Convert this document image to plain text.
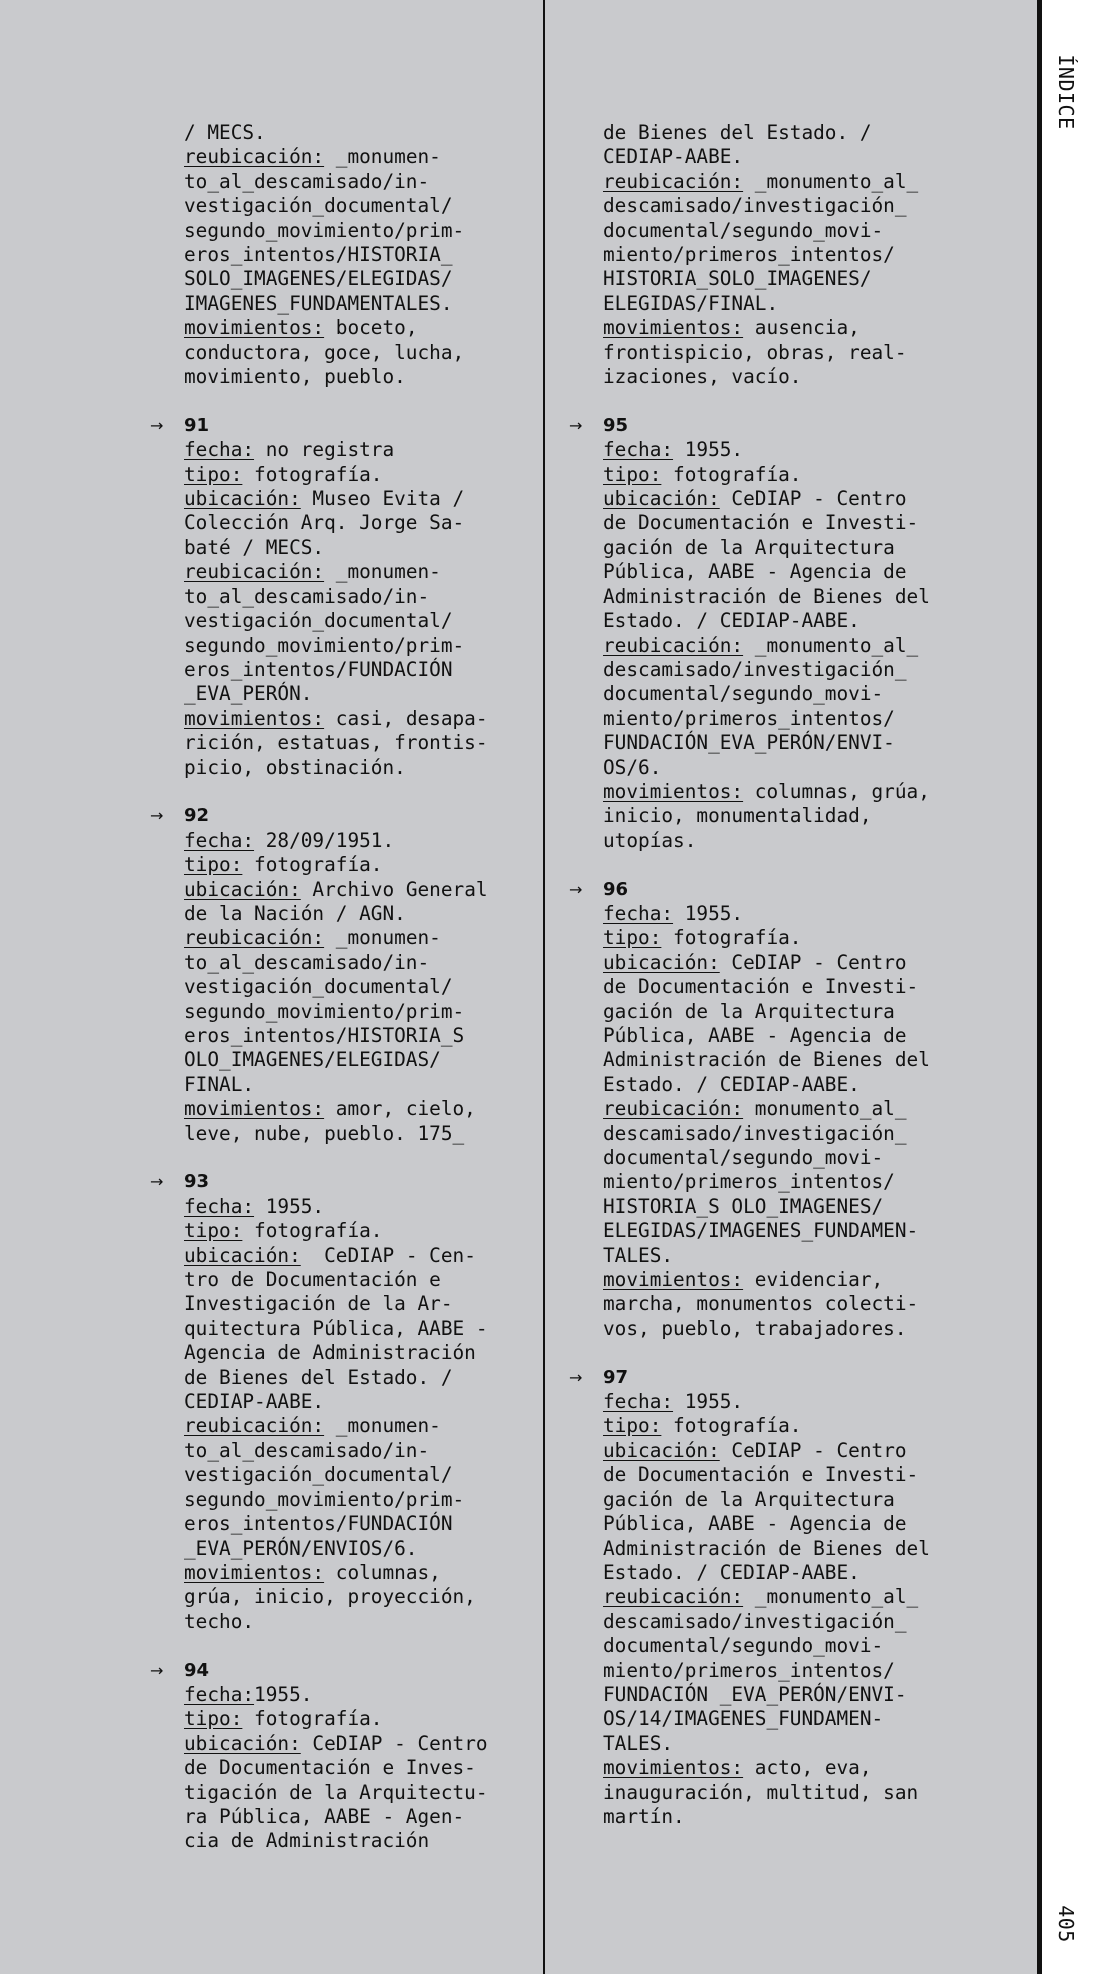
ÍNDICE
405
/ MECS.
reubicación: _monumen-
to_al_descamisado/in-
vestigación_documental/
segundo_movimiento/prim-
eros_intentos/HISTORIA_
SOLO_IMAGENES/ELEGIDAS/
IMAGENES_FUNDAMENTALES.
movimientos: boceto,
conductora, goce, lucha,
movimiento, pueblo.
→ 91
fecha: no registra
tipo: fotografía.
ubicación: Museo Evita /
Colección Arq. Jorge Sa-
baté / MECS.
reubicación: _monumen-
to_al_descamisado/in-
vestigación_documental/
segundo_movimiento/prim-
eros_intentos/FUNDACIÓN
_EVA_PERÓN.
movimientos: casi, desapa-
rición, estatuas, frontis-
picio, obstinación.
→ 92
fecha: 28/09/1951.
tipo: fotografía.
ubicación: Archivo General
de la Nación / AGN.
reubicación: _monumen-
to_al_descamisado/in-
vestigación_documental/
segundo_movimiento/prim-
eros_intentos/HISTORIA_S
OLO_IMAGENES/ELEGIDAS/
FINAL.
movimientos: amor, cielo,
leve, nube, pueblo. 175_
→ 93
fecha: 1955.
tipo: fotografía.
ubicación:  CeDIAP - Cen-
tro de Documentación e
Investigación de la Ar-
quitectura Pública, AABE -
Agencia de Administración
de Bienes del Estado. /
CEDIAP-AABE.
reubicación: _monumen-
to_al_descamisado/in-
vestigación_documental/
segundo_movimiento/prim-
eros_intentos/FUNDACIÓN
_EVA_PERÓN/ENVIOS/6.
movimientos: columnas,
grúa, inicio, proyección,
techo.
→ 94
fecha:1955.
tipo: fotografía.
ubicación: CeDIAP - Centro
de Documentación e Inves-
tigación de la Arquitectu-
ra Pública, AABE - Agen-
cia de Administración
de Bienes del Estado. /
CEDIAP-AABE.
reubicación: _monumento_al_
descamisado/investigación_
documental/segundo_movi-
miento/primeros_intentos/
HISTORIA_SOLO_IMAGENES/
ELEGIDAS/FINAL.
movimientos: ausencia,
frontispicio, obras, real-
izaciones, vacío.
→ 95
fecha: 1955.
tipo: fotografía.
ubicación: CeDIAP - Centro
de Documentación e Investi-
gación de la Arquitectura
Pública, AABE - Agencia de
Administración de Bienes del
Estado. / CEDIAP-AABE.
reubicación: _monumento_al_
descamisado/investigación_
documental/segundo_movi-
miento/primeros_intentos/
FUNDACIÓN_EVA_PERÓN/ENVI-
OS/6.
movimientos: columnas, grúa,
inicio, monumentalidad,
utopías.
→ 96
fecha: 1955.
tipo: fotografía.
ubicación: CeDIAP - Centro
de Documentación e Investi-
gación de la Arquitectura
Pública, AABE - Agencia de
Administración de Bienes del
Estado. / CEDIAP-AABE.
reubicación: monumento_al_
descamisado/investigación_
documental/segundo_movi-
miento/primeros_intentos/
HISTORIA_S OLO_IMAGENES/
ELEGIDAS/IMAGENES_FUNDAMEN-
TALES.
movimientos: evidenciar,
marcha, monumentos colecti-
vos, pueblo, trabajadores.
→ 97
fecha: 1955.
tipo: fotografía.
ubicación: CeDIAP - Centro
de Documentación e Investi-
gación de la Arquitectura
Pública, AABE - Agencia de
Administración de Bienes del
Estado. / CEDIAP-AABE.
reubicación: _monumento_al_
descamisado/investigación_
documental/segundo_movi-
miento/primeros_intentos/
FUNDACIÓN _EVA_PERÓN/ENVI-
OS/14/IMAGENES_FUNDAMEN-
TALES.
movimientos: acto, eva,
inauguración, multitud, san
martín.
